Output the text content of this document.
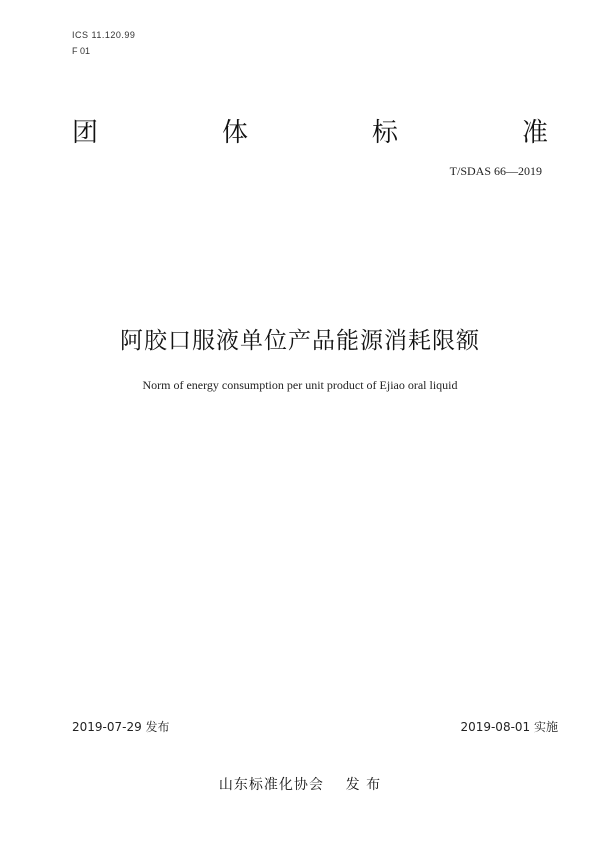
ICS 11.120.99
F 01
团	体	标	准
T/SDAS 66—2019
阿胶口服液单位产品能源消耗限额
Norm of energy consumption per unit product of Ejiao oral liquid
2019-07-29 发布	2019-08-01 实施
山东标准化协会    发 布
